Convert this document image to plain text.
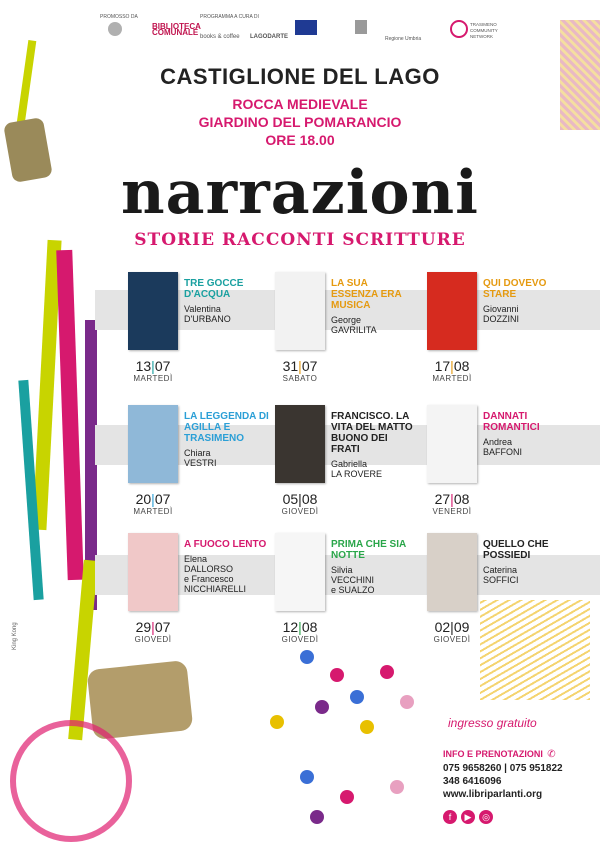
PROMOSSO DA
BIBLIOTECA COMUNALE
PROGRAMMA A CURA DI
books & coffee LAGODARTE	Regione Umbria
TRASIMENO COMMUNITY NETWORK
CASTIGLIONE DEL LAGO
ROCCA MEDIEVALE
GIARDINO DEL POMARANCIO
ORE 18.00
narrazioni
STORIE RACCONTI SCRITTURE
TRE GOCCE D'ACQUA
Valentina
D'URBANO
13|07
MARTEDÌ
LA SUA ESSENZA ERA MUSICA
George
GAVRILITA
31|07
SABATO
QUI DOVEVO STARE
Giovanni
DOZZINI
17|08
MARTEDÌ
LA LEGGENDA DI AGILLA E TRASIMENO
Chiara
VESTRI
20|07
MARTEDÌ
FRANCISCO. LA VITA DEL MATTO BUONO DEI FRATI
Gabriella
LA ROVERE
05|08
GIOVEDÌ
DANNATI ROMANTICI
Andrea
BAFFONI
27|08
VENERDÌ
A FUOCO LENTO
Elena
DALLORSO
e Francesco
NICCHIARELLI
29|07
GIOVEDÌ
PRIMA CHE SIA NOTTE
Silvia
VECCHINI
e SUALZO
12|08
GIOVEDÌ
QUELLO CHE POSSIEDI
Caterina
SOFFICI
02|09
GIOVEDÌ
ingresso gratuito
INFO E PRENOTAZIONI ✆
075 9658260 | 075 951822
348 6416096
www.libriparlanti.org
f ▶ ◎
King Kong
